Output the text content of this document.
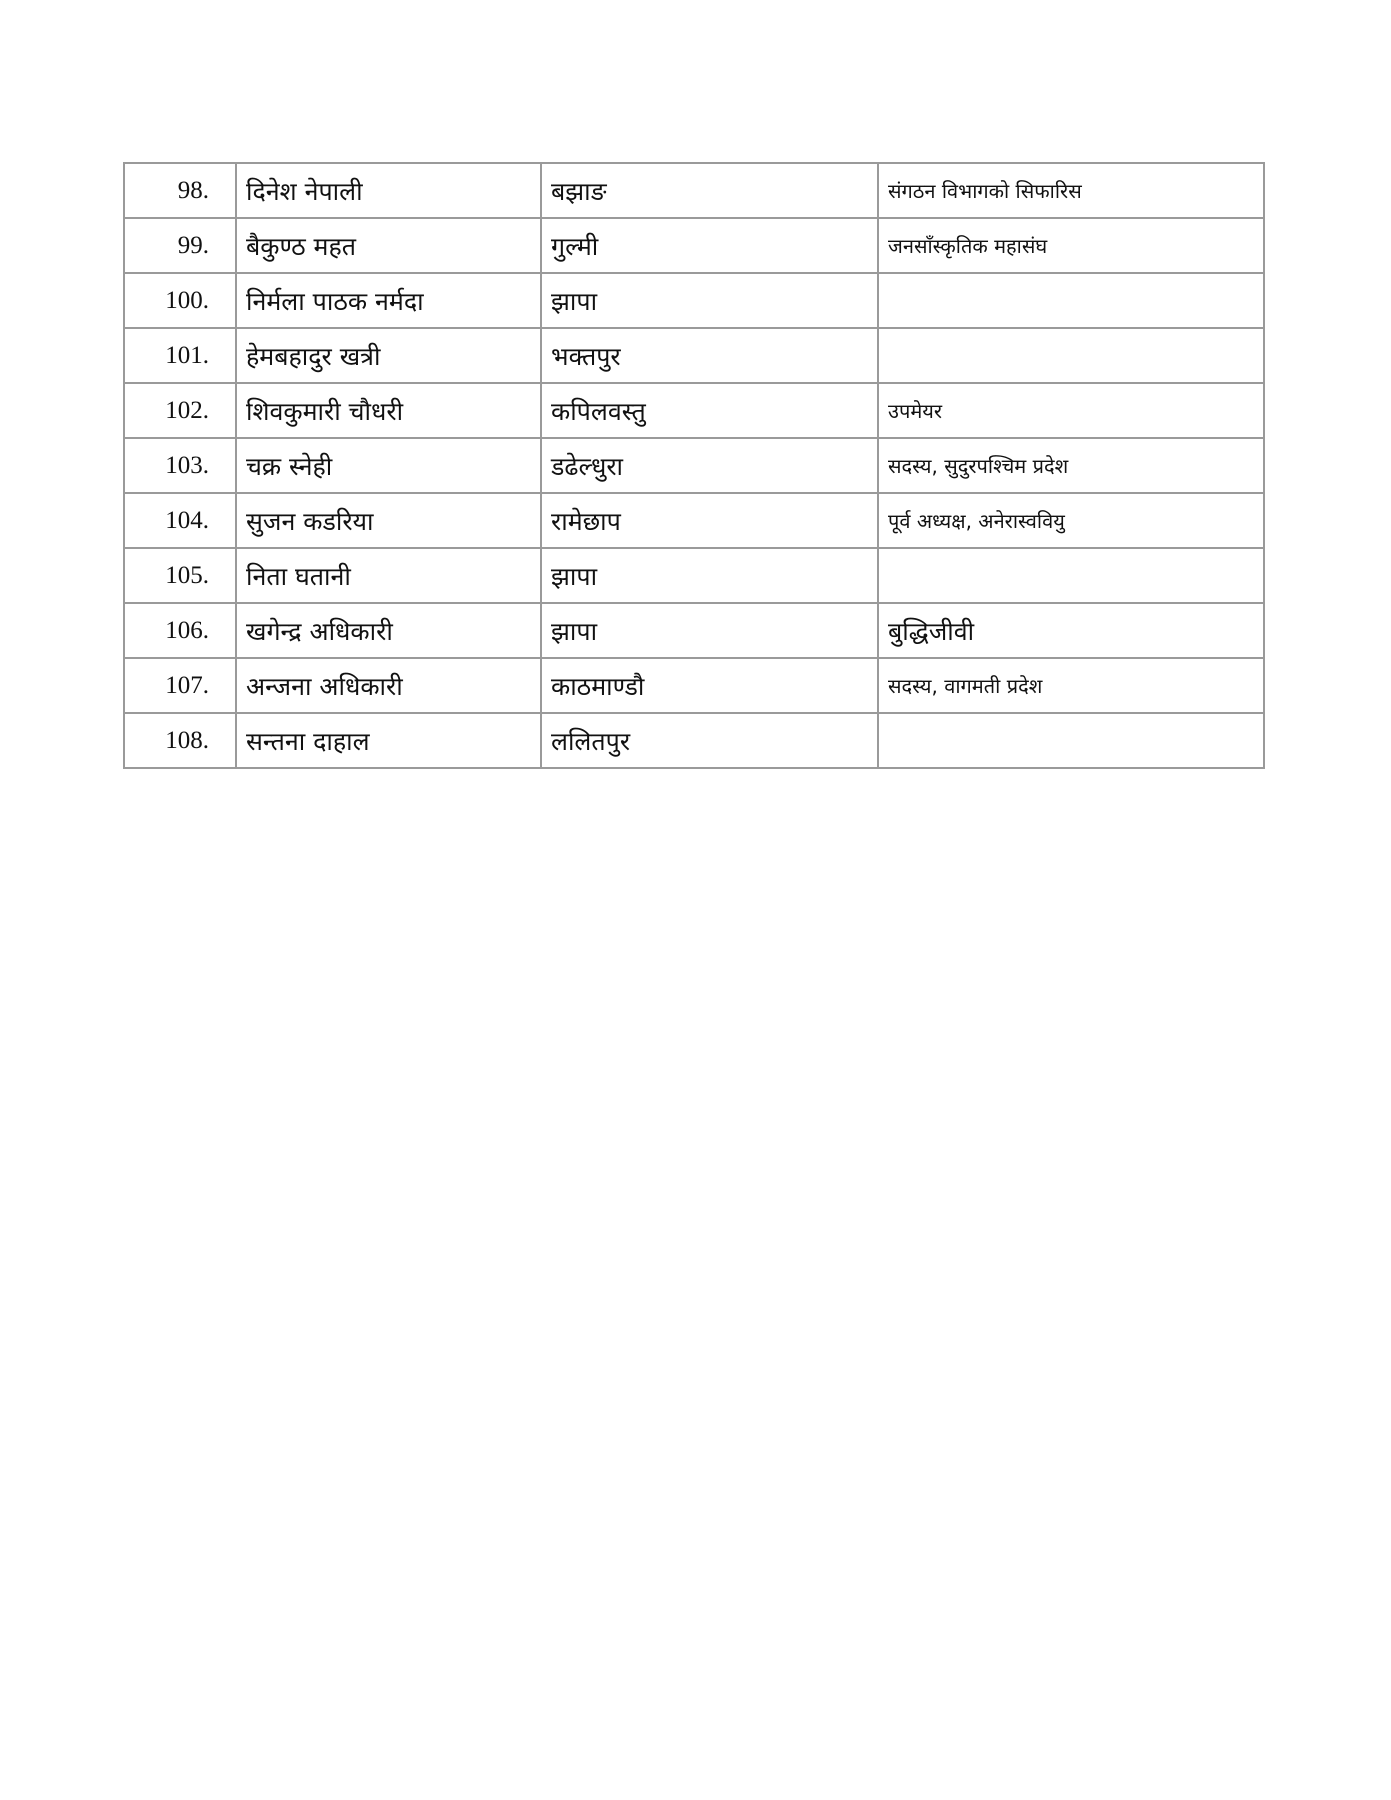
98.	दिनेश नेपाली	बझाङ	संगठन विभागको सिफारिस
99.	बैकुण्ठ महत	गुल्मी	जनसाँस्कृतिक महासंघ
100.	निर्मला पाठक नर्मदा	झापा	
101.	हेमबहादुर खत्री	भक्तपुर	
102.	शिवकुमारी चौधरी	कपिलवस्तु	उपमेयर
103.	चक्र स्नेही	डढेल्धुरा	सदस्य, सुदुरपश्चिम प्रदेश
104.	सुजन कडरिया	रामेछाप	पूर्व अध्यक्ष, अनेरास्ववियु
105.	निता घतानी	झापा	
106.	खगेन्द्र अधिकारी	झापा	बुद्धिजीवी
107.	अन्जना अधिकारी	काठमाण्डौ	सदस्य, वागमती प्रदेश
108.	सन्तना दाहाल	ललितपुर	
